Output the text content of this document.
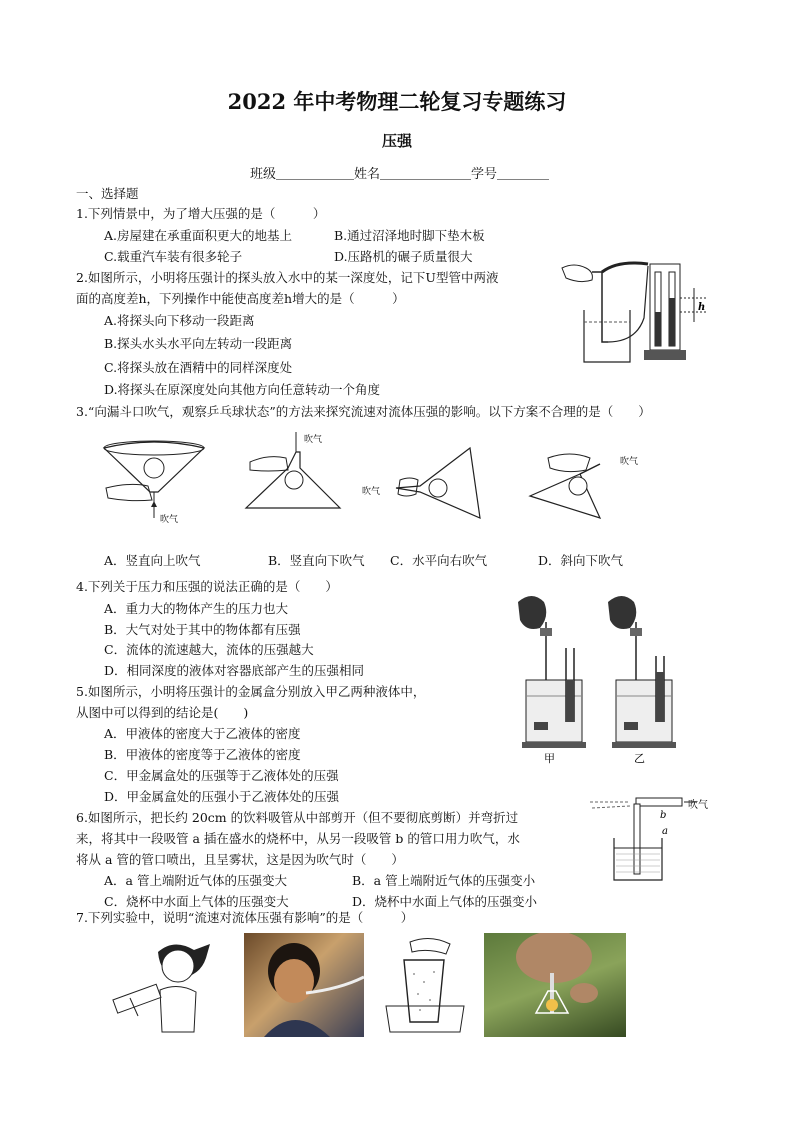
2022 年中考物理二轮复习专题练习
压强
班级＿＿＿＿＿＿姓名＿＿＿＿＿＿＿学号＿＿＿＿
一、选择题
1.下列情景中，为了增大压强的是（　　　）
A.房屋建在承重面积更大的地基上	B.通过沼泽地时脚下垫木板
C.载重汽车装有很多轮子	D.压路机的碾子质量很大
2.如图所示，小明将压强计的探头放入水中的某一深度处，记下U型管中两液
面的高度差h，下列操作中能使高度差h增大的是（　　　）
A.将探头向下移动一段距离
B.探头水头水平向左转动一段距离
C.将探头放在酒精中的同样深度处
D.将探头在原深度处向其他方向任意转动一个角度
h
3.“向漏斗口吹气，观察乒乓球状态”的方法来探究流速对流体压强的影响。以下方案不合理的是（　　）
吹气
吹气
吹气
吹气
A．竖直向上吹气	B．竖直向下吹气 C．水平向右吹气	D．斜向下吹气
4.下列关于压力和压强的说法正确的是（　　）
A．重力大的物体产生的压力也大
B．大气对处于其中的物体都有压强
C．流体的流速越大，流体的压强越大
D．相同深度的液体对容器底部产生的压强相同
5.如图所示，小明将压强计的金属盒分别放入甲乙两种液体中，
从图中可以得到的结论是(　　)
A．甲液体的密度大于乙液体的密度
B．甲液体的密度等于乙液体的密度
C．甲金属盒处的压强等于乙液体处的压强
D．甲金属盒处的压强小于乙液体处的压强
甲	乙
6.如图所示，把长约 20cm 的饮料吸管从中部剪开（但不要彻底剪断）并弯折过
来，将其中一段吸管 a 插在盛水的烧杯中，从另一段吸管 b 的管口用力吹气，水
将从 a 管的管口喷出，且呈雾状，这是因为吹气时（　　）
A．a 管上端附近气体的压强变大	B．a 管上端附近气体的压强变小
C．烧杯中水面上气体的压强变大	D．烧杯中水面上气体的压强变小
吹气
b
a
7.下列实验中，说明“流速对流体压强有影响”的是（　　　）
